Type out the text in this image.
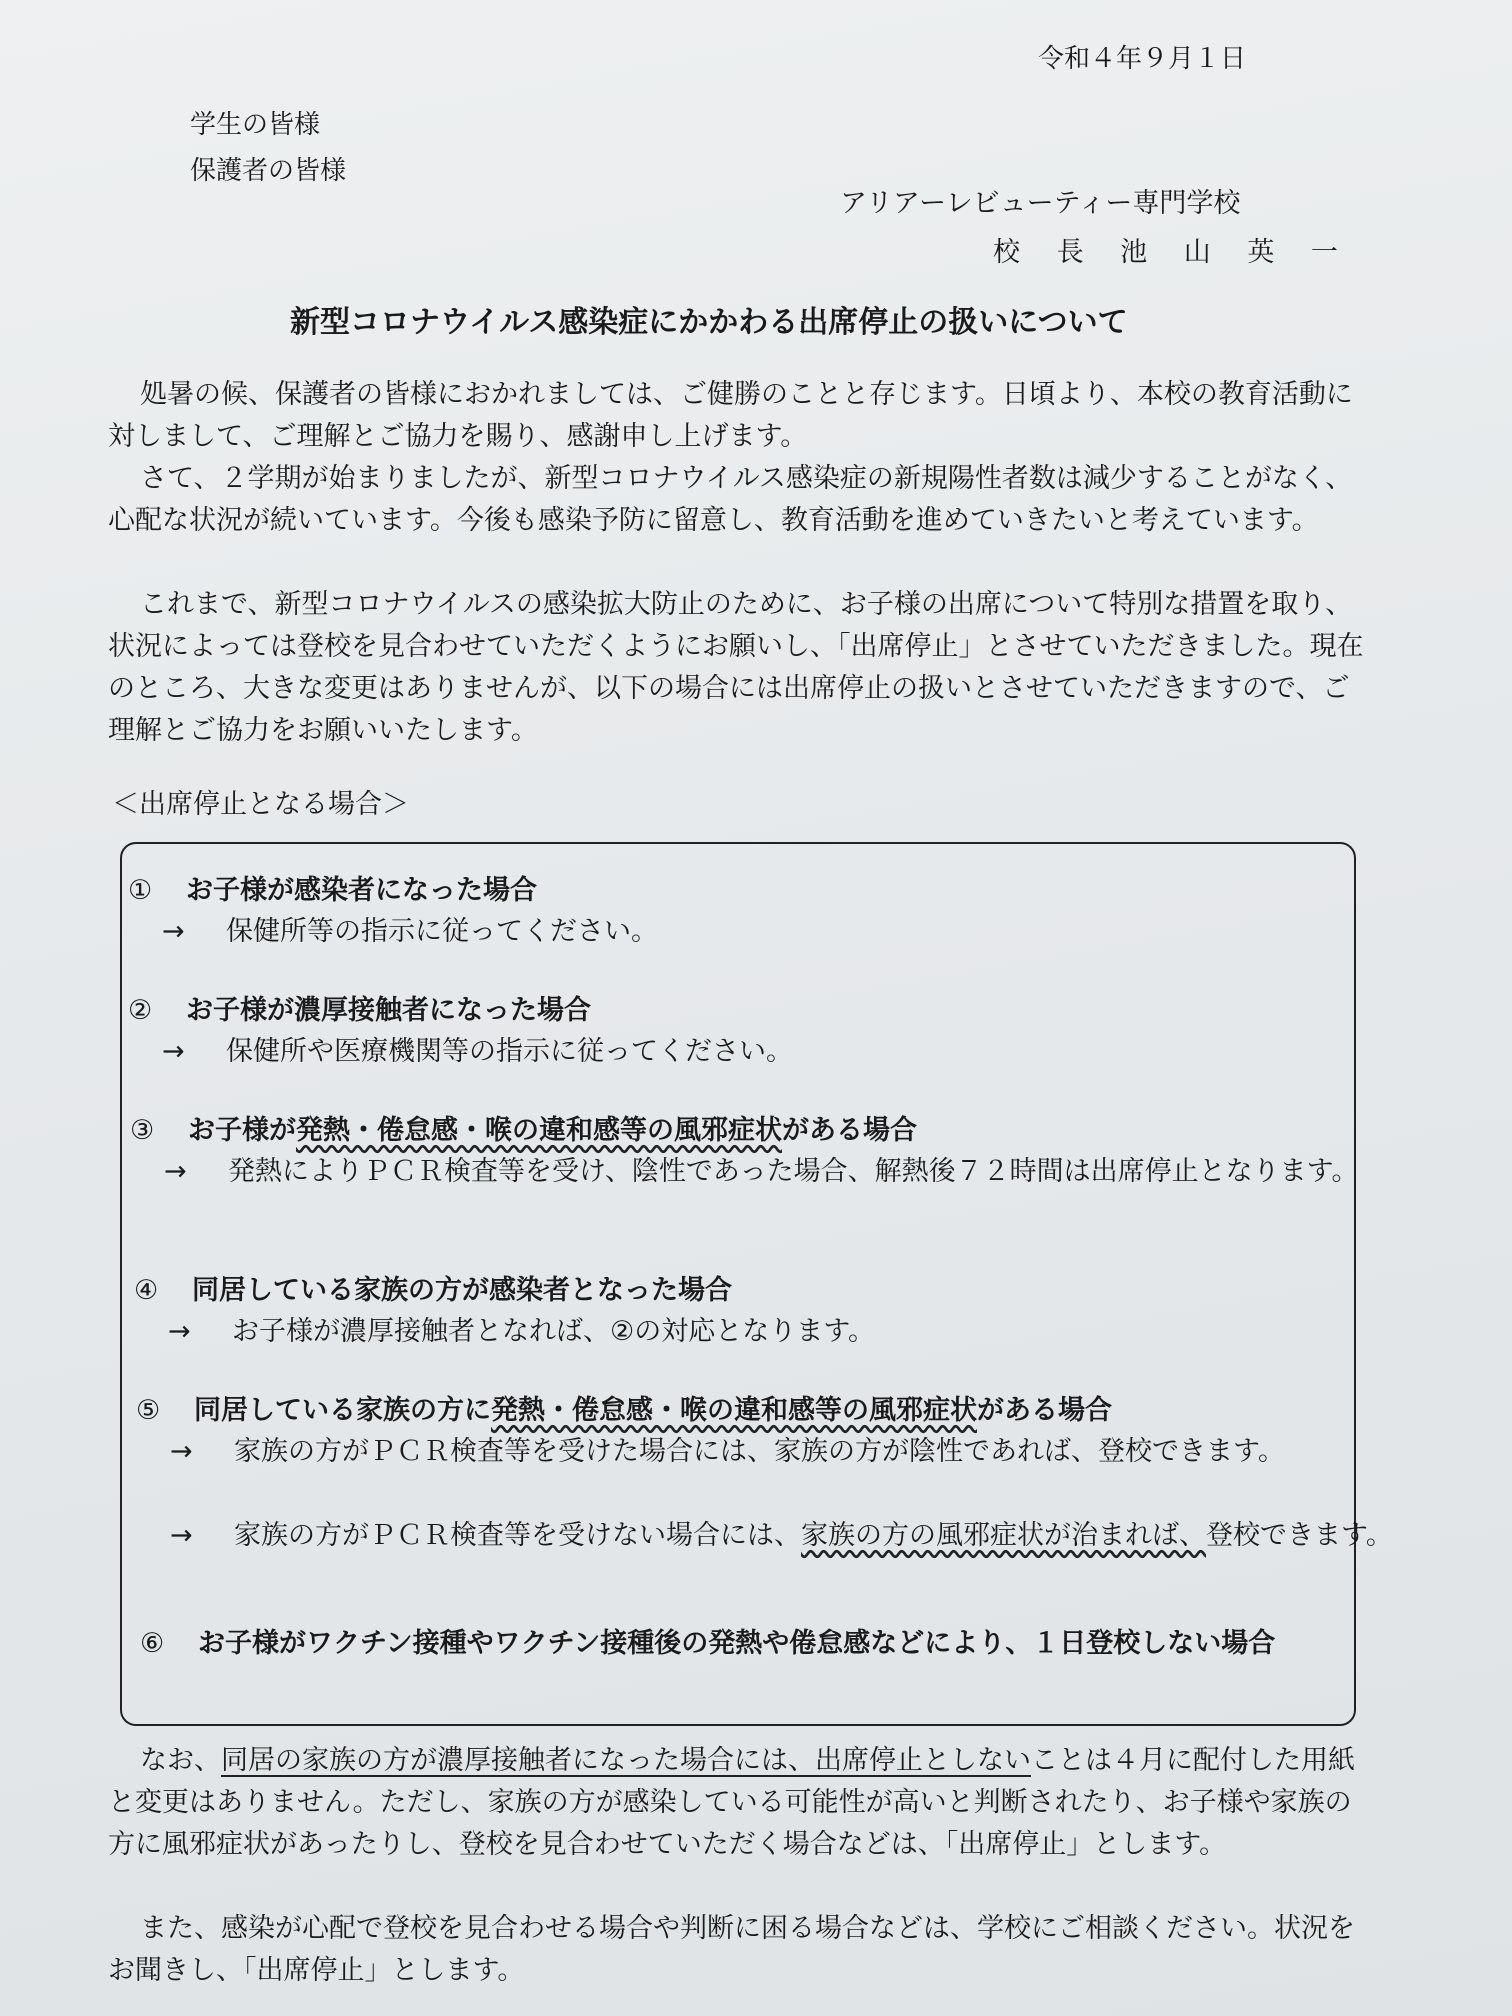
令和４年９月１日
学生の皆様
保護者の皆様
アリアーレビューティー専門学校
校 長 池 山 英 一
新型コロナウイルス感染症にかかわる出席停止の扱いについて
処暑の候、保護者の皆様におかれましては、ご健勝のことと存じます。日頃より、本校の教育活動に対しまして、ご理解とご協力を賜り、感謝申し上げます。
さて、２学期が始まりましたが、新型コロナウイルス感染症の新規陽性者数は減少することがなく、心配な状況が続いています。今後も感染予防に留意し、教育活動を進めていきたいと考えています。
これまで、新型コロナウイルスの感染拡大防止のために、お子様の出席について特別な措置を取り、状況によっては登校を見合わせていただくようにお願いし、「出席停止」とさせていただきました。現在のところ、大きな変更はありませんが、以下の場合には出席停止の扱いとさせていただきますので、ご理解とご協力をお願いいたします。
＜出席停止となる場合＞
① お子様が感染者になった場合
→ 保健所等の指示に従ってください。
② お子様が濃厚接触者になった場合
→ 保健所や医療機関等の指示に従ってください。
③ お子様が発熱・倦怠感・喉の違和感等の風邪症状がある場合
→ 発熱によりＰＣＲ検査等を受け、陰性であった場合、解熱後７２時間は出席停止となります。
④ 同居している家族の方が感染者となった場合
→ お子様が濃厚接触者となれば、②の対応となります。
⑤ 同居している家族の方に発熱・倦怠感・喉の違和感等の風邪症状がある場合
→ 家族の方がＰＣＲ検査等を受けた場合には、家族の方が陰性であれば、登校できます。
→ 家族の方がＰＣＲ検査等を受けない場合には、家族の方の風邪症状が治まれば、登校できます。
⑥ お子様がワクチン接種やワクチン接種後の発熱や倦怠感などにより、１日登校しない場合
なお、同居の家族の方が濃厚接触者になった場合には、出席停止としないことは４月に配付した用紙と変更はありません。ただし、家族の方が感染している可能性が高いと判断されたり、お子様や家族の方に風邪症状があったりし、登校を見合わせていただく場合などは、「出席停止」とします。
また、感染が心配で登校を見合わせる場合や判断に困る場合などは、学校にご相談ください。状況をお聞きし、「出席停止」とします。
